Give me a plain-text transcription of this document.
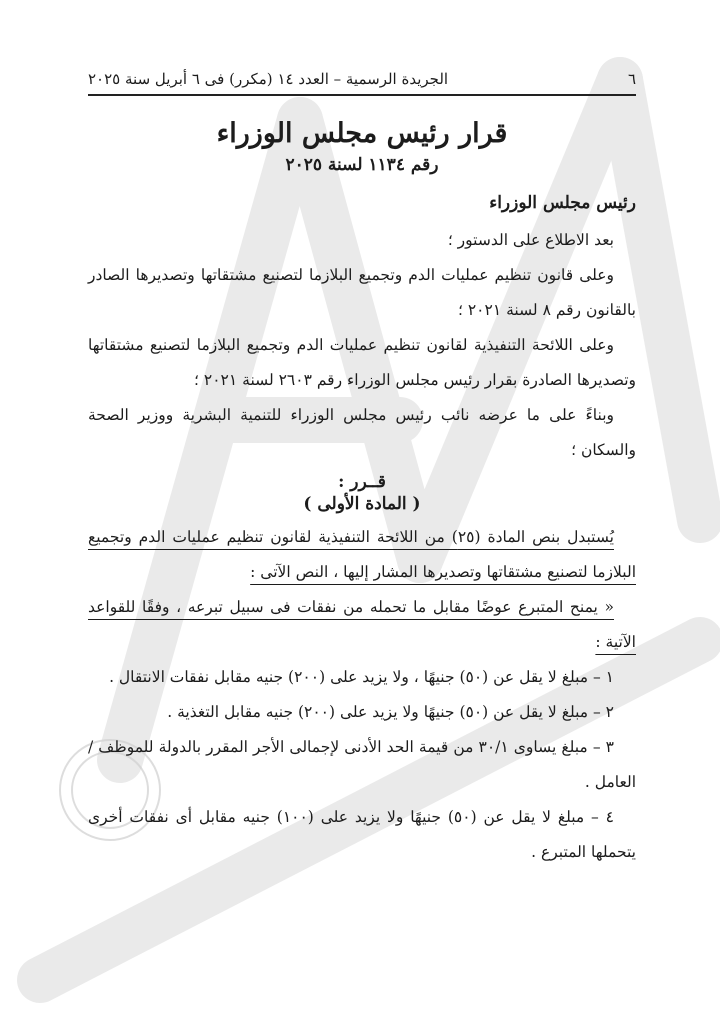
٦
الجريدة الرسمية – العدد ١٤ (مكرر) فى ٦ أبريل سنة ٢٠٢٥
قرار رئيس مجلس الوزراء
رقم ١١٣٤ لسنة ٢٠٢٥
رئيس مجلس الوزراء

بعد الاطلاع على الدستور ؛

وعلى قانون تنظيم عمليات الدم وتجميع البلازما لتصنيع مشتقاتها وتصديرها الصادر بالقانون رقم ٨ لسنة ٢٠٢١ ؛

وعلى اللائحة التنفيذية لقانون تنظيم عمليات الدم وتجميع البلازما لتصنيع مشتقاتها وتصديرها الصادرة بقرار رئيس مجلس الوزراء رقم ٢٦٠٣ لسنة ٢٠٢١ ؛

وبناءً على ما عرضه نائب رئيس مجلس الوزراء للتنمية البشرية ووزير الصحة والسكان ؛

قــرر :
( المادة الأولى )

يُستبدل بنص المادة (٢٥) من اللائحة التنفيذية لقانون تنظيم عمليات الدم وتجميع البلازما لتصنيع مشتقاتها وتصديرها المشار إليها ، النص الآتى :

« يمنح المتبرع عوضًا مقابل ما تحمله من نفقات فى سبيل تبرعه ، وفقًا للقواعد الآتية :

١ – مبلغ لا يقل عن (٥٠) جنيهًا ، ولا يزيد على (٢٠٠) جنيه مقابل نفقات الانتقال .

٢ – مبلغ لا يقل عن (٥٠) جنيهًا ولا يزيد على (٢٠٠) جنيه مقابل التغذية .

٣ – مبلغ يساوى ٣٠/١ من قيمة الحد الأدنى لإجمالى الأجر المقرر بالدولة للموظف / العامل .

٤ – مبلغ لا يقل عن (٥٠) جنيهًا ولا يزيد على (١٠٠) جنيه مقابل أى نفقات أخرى يتحملها المتبرع .
